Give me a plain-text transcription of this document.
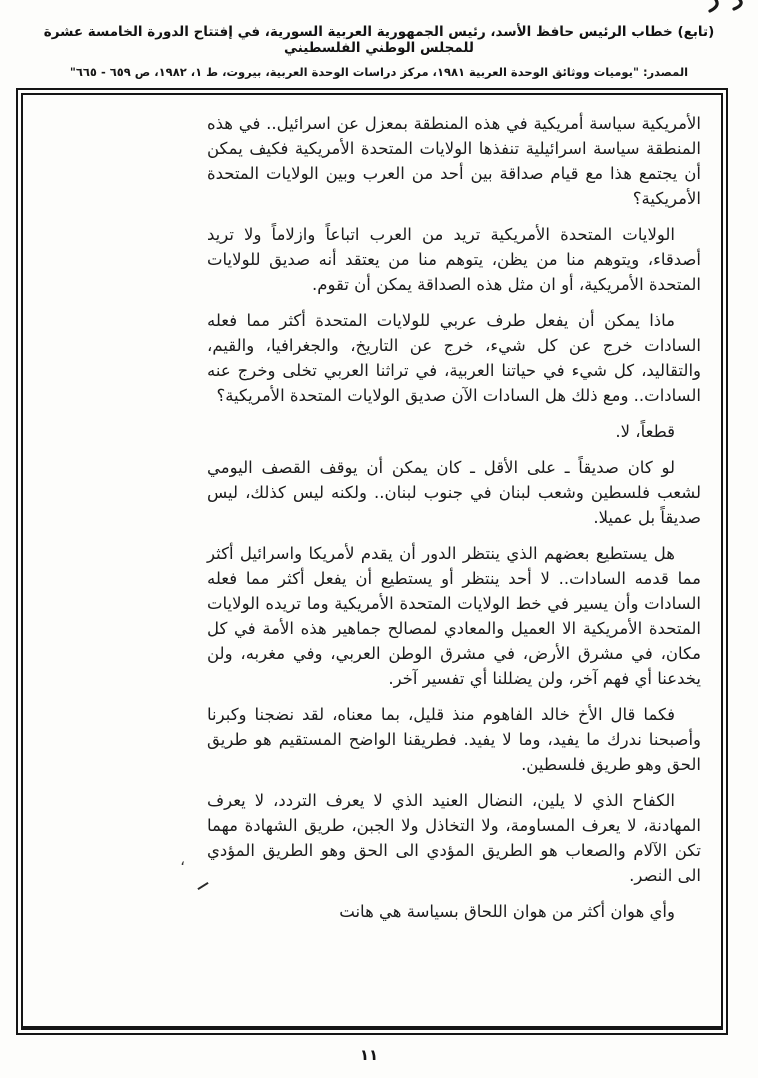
(تابع) خطاب الرئيس حافظ الأسد، رئيس الجمهورية العربية السورية، في إفتتاح الدورة الخامسة عشرة للمجلس الوطني الفلسطيني
المصدر: "يوميات ووثائق الوحدة العربية ١٩٨١، مركز دراسات الوحدة العربية، بيروت، ط ١، ١٩٨٢، ص ٦٥٩ - ٦٦٥"

الأمريكية سياسة أمريكية في هذه المنطقة بمعزل عن اسرائيل.. في هذه المنطقة سياسة اسرائيلية تنفذها الولايات المتحدة الأمريكية فكيف يمكن أن يجتمع هذا مع قيام صداقة بين أحد من العرب وبين الولايات المتحدة الأمريكية؟

الولايات المتحدة الأمريكية تريد من العرب اتباعاً وازلاماً ولا تريد أصدقاء، ويتوهم منا من يظن، يتوهم منا من يعتقد أنه صديق للولايات المتحدة الأمريكية، أو ان مثل هذه الصداقة يمكن أن تقوم.

ماذا يمكن أن يفعل طرف عربي للولايات المتحدة أكثر مما فعله السادات خرج عن كل شيء، خرج عن التاريخ، والجغرافيا، والقيم، والتقاليد، كل شيء في حياتنا العربية، في تراثنا العربي تخلى وخرج عنه السادات.. ومع ذلك هل السادات الآن صديق الولايات المتحدة الأمريكية؟

قطعاً، لا.

لو كان صديقاً ـ على الأقل ـ كان يمكن أن يوقف القصف اليومي لشعب فلسطين وشعب لبنان في جنوب لبنان.. ولكنه ليس كذلك، ليس صديقاً بل عميلا.

هل يستطيع بعضهم الذي ينتظر الدور أن يقدم لأمريكا واسرائيل أكثر مما قدمه السادات.. لا أحد ينتظر أو يستطيع أن يفعل أكثر مما فعله السادات وأن يسير في خط الولايات المتحدة الأمريكية وما تريده الولايات المتحدة الأمريكية الا العميل والمعادي لمصالح جماهير هذه الأمة في كل مكان، في مشرق الأرض، في مشرق الوطن العربي، وفي مغربه، ولن يخدعنا أي فهم آخر، ولن يضللنا أي تفسير آخر.

فكما قال الأخ خالد الفاهوم منذ قليل، بما معناه، لقد نضجنا وكبرنا وأصبحنا ندرك ما يفيد، وما لا يفيد. فطريقنا الواضح المستقيم هو طريق الحق وهو طريق فلسطين.

الكفاح الذي لا يلين، النضال العنيد الذي لا يعرف التردد، لا يعرف المهادنة، لا يعرف المساومة، ولا التخاذل ولا الجبن، طريق الشهادة مهما تكن الآلام والصعاب هو الطريق المؤدي الى الحق وهو الطريق المؤدي الى النصر.

وأي هوان أكثر من هوان اللحاق بسياسة هي هانت

،
١١
